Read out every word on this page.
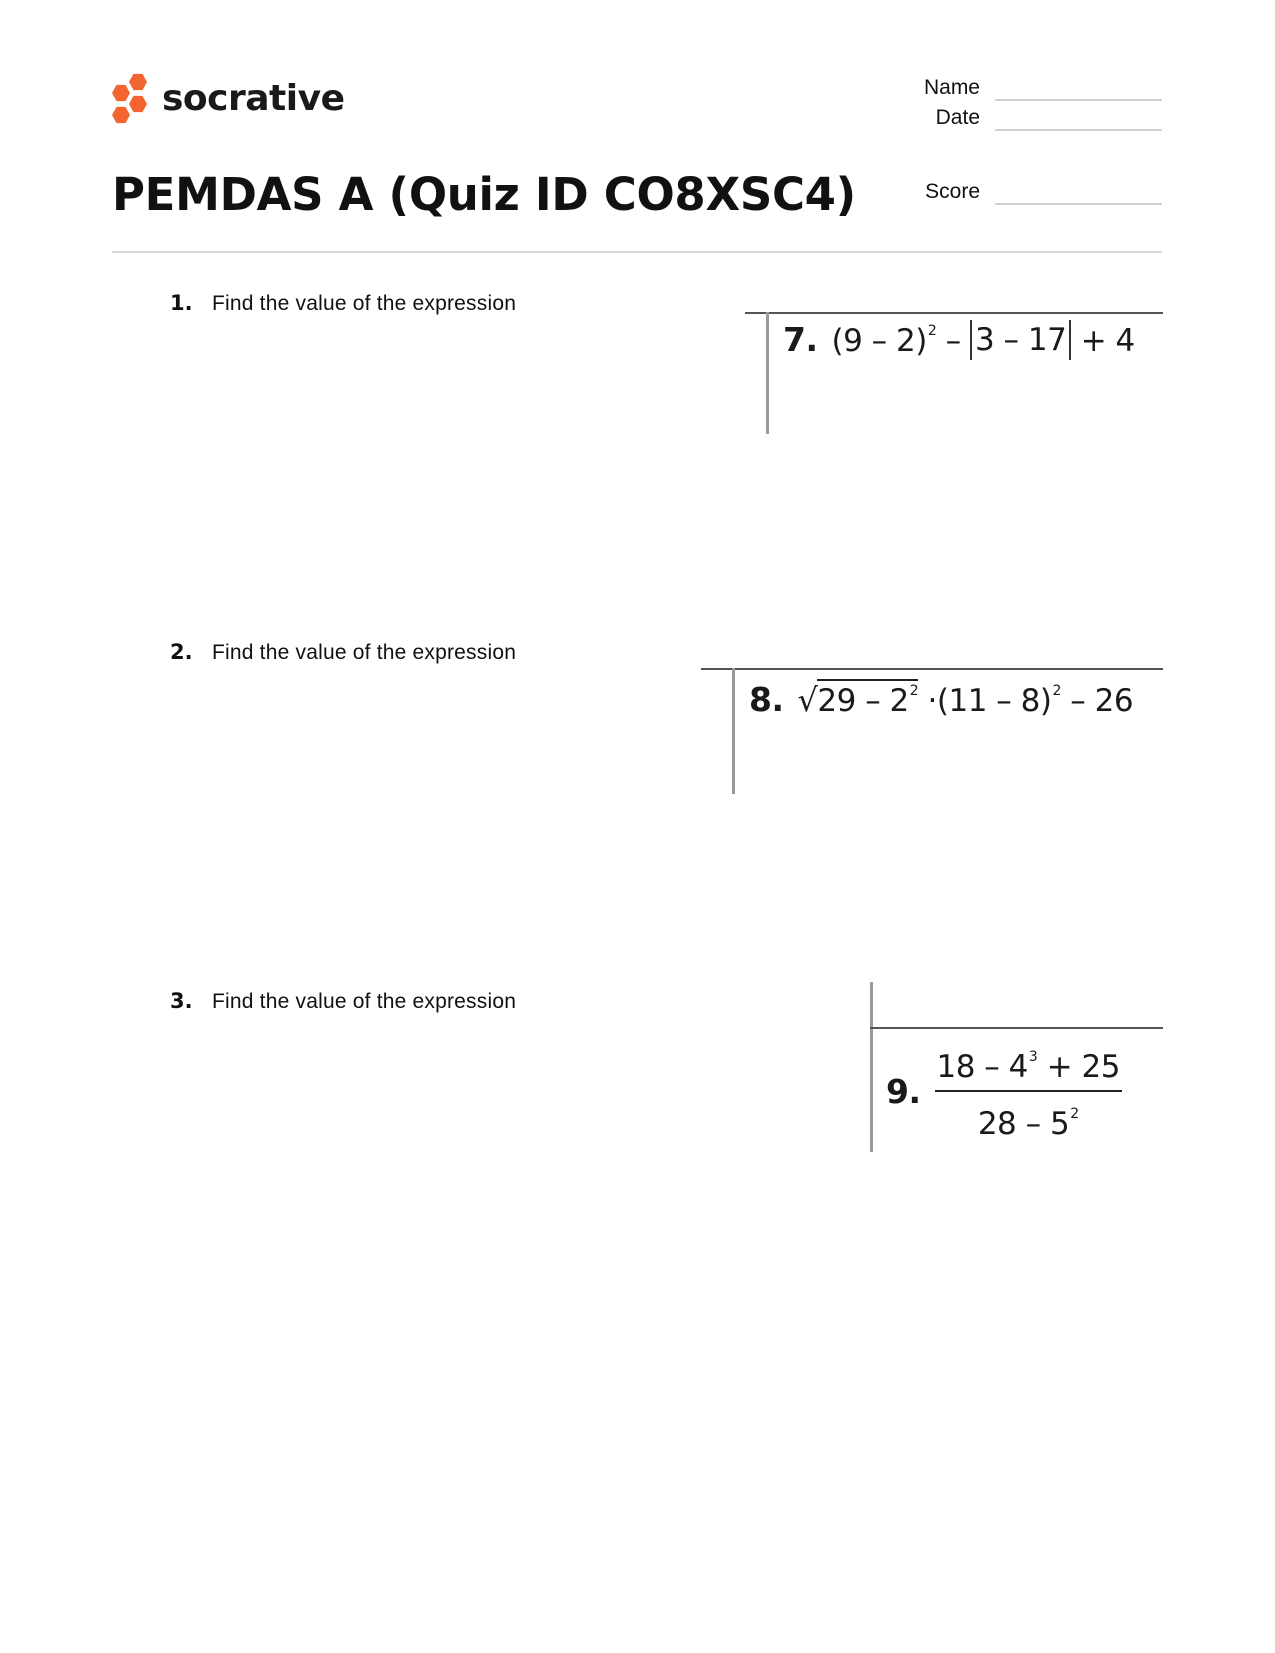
socrative
PEMDAS A (Quiz ID CO8XSC4)
Name
Date
Score
1. Find the value of the expression
7. (9 – 2)$^2$ – 3 – 17 + 4
2. Find the value of the expression
8. $√29 - 2^2 \cdot(11 - 8)^2 - 26$
3. Find the value of the expression
9. $\frac{18 - 4^3 + 25}{28 - 5^2}$
